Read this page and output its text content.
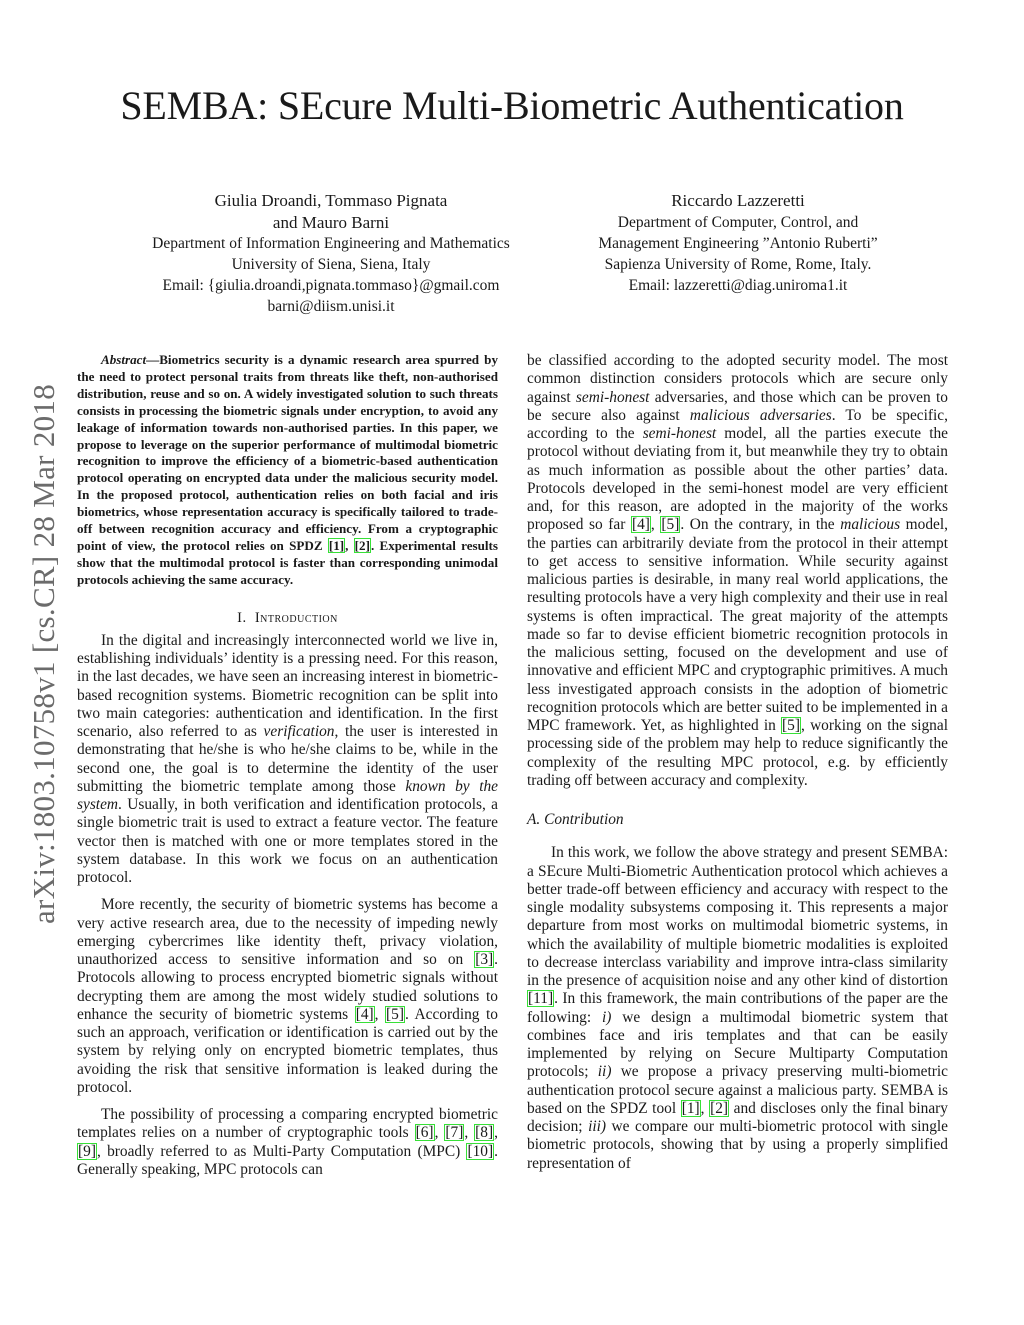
arXiv:1803.10758v1 [cs.CR] 28 Mar 2018
SEMBA: SEcure Multi-Biometric Authentication
Giulia Droandi, Tommaso Pignata
and Mauro Barni
Department of Information Engineering and Mathematics
University of Siena, Siena, Italy
Email: {giulia.droandi,pignata.tommaso}@gmail.com
barni@diism.unisi.it
Riccardo Lazzeretti
Department of Computer, Control, and
Management Engineering ”Antonio Ruberti”
Sapienza University of Rome, Rome, Italy.
Email: lazzeretti@diag.uniroma1.it

Abstract—Biometrics security is a dynamic research area spurred by the need to protect personal traits from threats like theft, non-authorised distribution, reuse and so on. A widely investigated solution to such threats consists in processing the biometric signals under encryption, to avoid any leakage of information towards non-authorised parties. In this paper, we propose to leverage on the superior performance of multimodal biometric recognition to improve the efficiency of a biometric-based authentication protocol operating on encrypted data under the malicious security model. In the proposed protocol, authentication relies on both facial and iris biometrics, whose representation accuracy is specifically tailored to trade-off between recognition accuracy and efficiency. From a cryptographic point of view, the protocol relies on SPDZ [1], [2]. Experimental results show that the multimodal protocol is faster than corresponding unimodal protocols achieving the same accuracy.

I. Introduction

In the digital and increasingly interconnected world we live in, establishing individuals’ identity is a pressing need. For this reason, in the last decades, we have seen an increasing interest in biometric-based recognition systems. Biometric recognition can be split into two main categories: authentication and identification. In the first scenario, also referred to as verification, the user is interested in demonstrating that he/she is who he/she claims to be, while in the second one, the goal is to determine the identity of the user submitting the biometric template among those known by the system. Usually, in both verification and identification protocols, a single biometric trait is used to extract a feature vector. The feature vector then is matched with one or more templates stored in the system database. In this work we focus on an authentication protocol.

More recently, the security of biometric systems has become a very active research area, due to the necessity of impeding newly emerging cybercrimes like identity theft, privacy violation, unauthorized access to sensitive information and so on [3]. Protocols allowing to process encrypted biometric signals without decrypting them are among the most widely studied solutions to enhance the security of biometric systems [4], [5]. According to such an approach, verification or identification is carried out by the system by relying only on encrypted biometric templates, thus avoiding the risk that sensitive information is leaked during the protocol.

The possibility of processing a comparing encrypted biometric templates relies on a number of cryptographic tools [6], [7], [8], [9], broadly referred to as Multi-Party Computation (MPC) [10]. Generally speaking, MPC protocols can

be classified according to the adopted security model. The most common distinction considers protocols which are secure only against semi-honest adversaries, and those which can be proven to be secure also against malicious adversaries. To be specific, according to the semi-honest model, all the parties execute the protocol without deviating from it, but meanwhile they try to obtain as much information as possible about the other parties’ data. Protocols developed in the semi-honest model are very efficient and, for this reason, are adopted in the majority of the works proposed so far [4], [5]. On the contrary, in the malicious model, the parties can arbitrarily deviate from the protocol in their attempt to get access to sensitive information. While security against malicious parties is desirable, in many real world applications, the resulting protocols have a very high complexity and their use in real systems is often impractical. The great majority of the attempts made so far to devise efficient biometric recognition protocols in the malicious setting, focused on the development and use of innovative and efficient MPC and cryptographic primitives. A much less investigated approach consists in the adoption of biometric recognition protocols which are better suited to be implemented in a MPC framework. Yet, as highlighted in [5], working on the signal processing side of the problem may help to reduce significantly the complexity of the resulting MPC protocol, e.g. by efficiently trading off between accuracy and complexity.

A. Contribution

In this work, we follow the above strategy and present SEMBA: a SEcure Multi-Biometric Authentication protocol which achieves a better trade-off between efficiency and accuracy with respect to the single modality subsystems composing it. This represents a major departure from most works on multimodal biometric systems, in which the availability of multiple biometric modalities is exploited to decrease interclass variability and improve intra-class similarity in the presence of acquisition noise and any other kind of distortion [11]. In this framework, the main contributions of the paper are the following: i) we design a multimodal biometric system that combines face and iris templates and that can be easily implemented by relying on Secure Multiparty Computation protocols; ii) we propose a privacy preserving multi-biometric authentication protocol secure against a malicious party. SEMBA is based on the SPDZ tool [1], [2] and discloses only the final binary decision; iii) we compare our multi-biometric protocol with single biometric protocols, showing that by using a properly simplified representation of
